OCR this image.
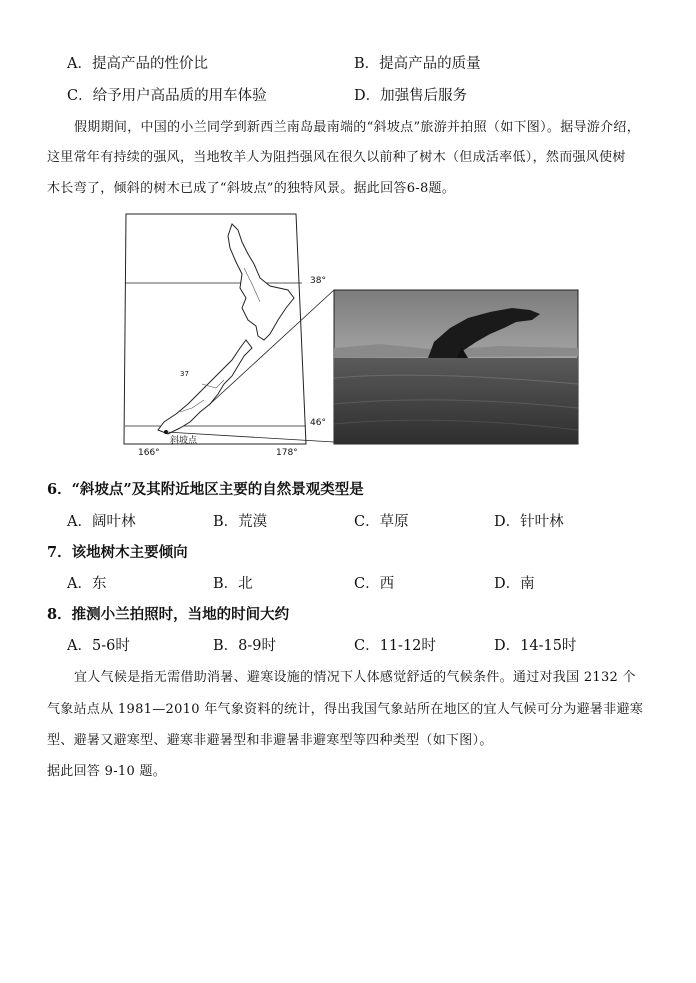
A．提高产品的性价比	B．提高产品的质量
C．给予用户高品质的用车体验	D．加强售后服务
假期期间，中国的小兰同学到新西兰南岛最南端的“斜坡点”旅游并拍照（如下图）。据导游介绍，
这里常年有持续的强风，当地牧羊人为阻挡强风在很久以前种了树木（但成活率低），然而强风使树
木长弯了，倾斜的树木已成了“斜坡点”的独特风景。据此回答6-8题。
38°
46°
166°	178°
斜坡点
37
6．“斜坡点”及其附近地区主要的自然景观类型是
A．阔叶林	B．荒漠	C．草原	D．针叶林
7．该地树木主要倾向
A．东	B．北	C．西	D．南
8．推测小兰拍照时，当地的时间大约
A．5-6时	B．8-9时	C．11-12时	D．14-15时
宜人气候是指无需借助消暑、避寒设施的情况下人体感觉舒适的气候条件。通过对我国 2132 个
气象站点从 1981—2010 年气象资料的统计，得出我国气象站所在地区的宜人气候可分为避暑非避寒
型、避暑又避寒型、避寒非避暑型和非避暑非避寒型等四种类型（如下图）。
据此回答 9-10 题。
